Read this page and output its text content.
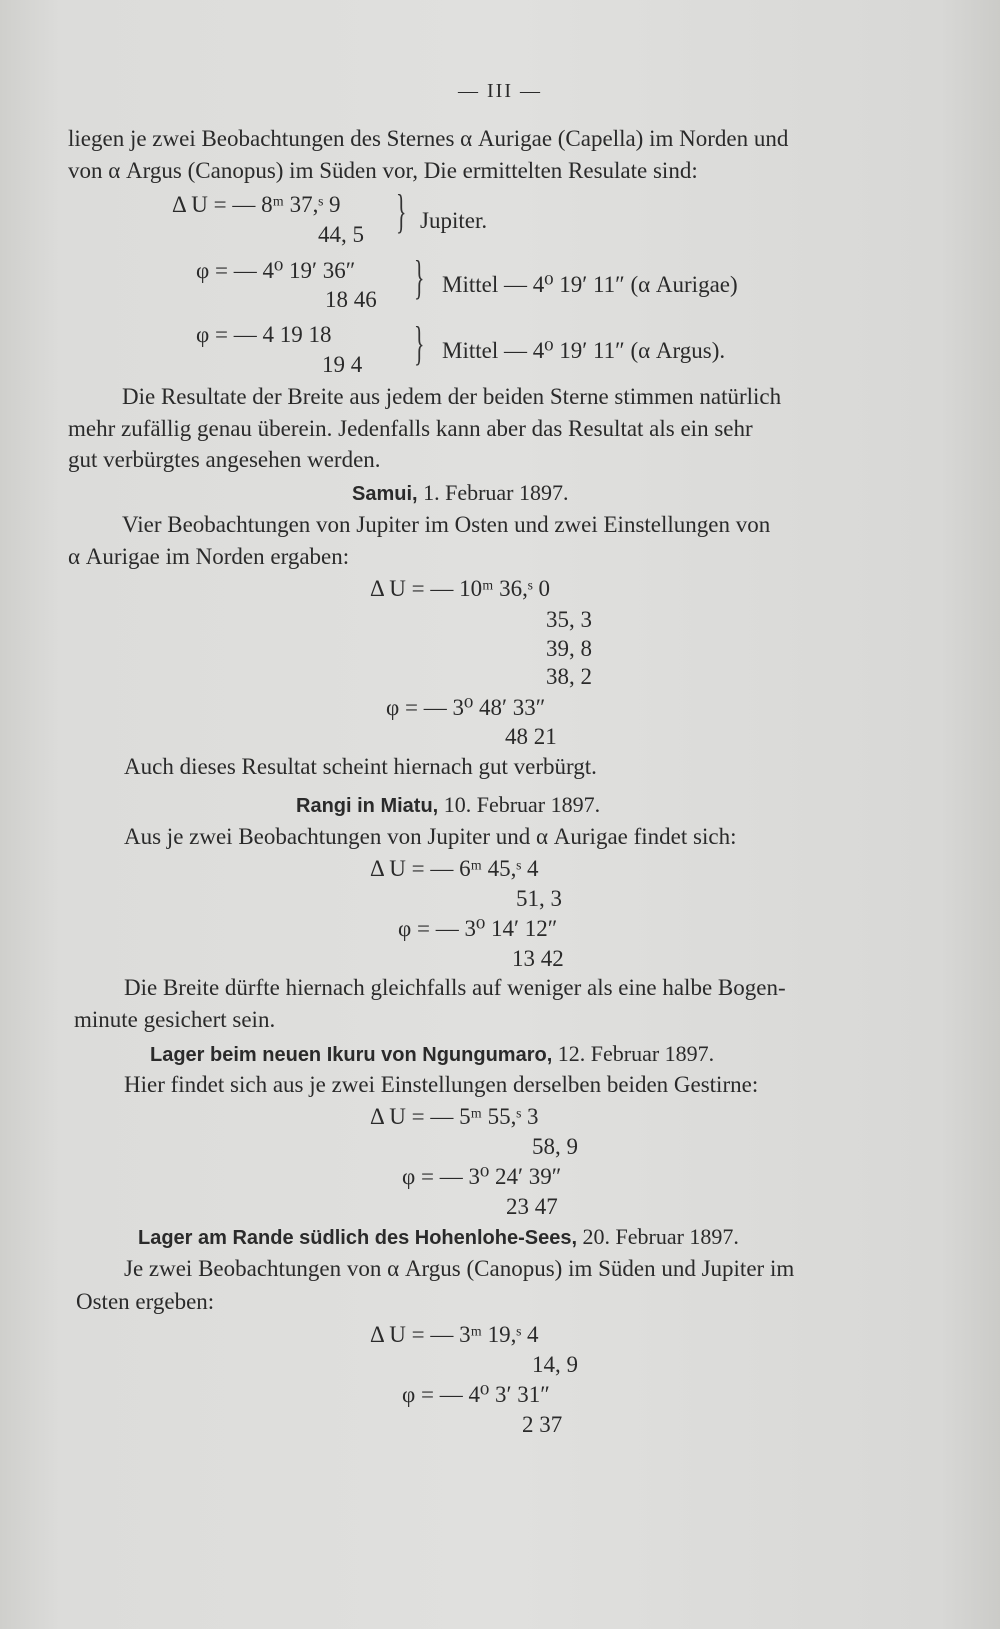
— III —
liegen je zwei Beobachtungen des Sternes α Aurigae (Capella) im Norden und
von α Argus (Canopus) im Süden vor, Die ermittelten Resulate sind:
Δ U = — 8ᵐ 37,ˢ 9
44, 5 } Jupiter.
φ = — 4⁰ 19′ 36″
18 46 } Mittel — 4⁰ 19′ 11″ (α Aurigae)
φ = — 4 19 18
19 4 } Mittel — 4⁰ 19′ 11″ (α Argus).
Die Resultate der Breite aus jedem der beiden Sterne stimmen natürlich
mehr zufällig genau überein. Jedenfalls kann aber das Resultat als ein sehr
gut verbürgtes angesehen werden.
Samui, 1. Februar 1897.
Vier Beobachtungen von Jupiter im Osten und zwei Einstellungen von
α Aurigae im Norden ergaben:
Δ U = — 10ᵐ 36,ˢ 0
35, 3
39, 8
38, 2
φ = — 3⁰ 48′ 33″
48 21
Auch dieses Resultat scheint hiernach gut verbürgt.
Rangi in Miatu, 10. Februar 1897.
Aus je zwei Beobachtungen von Jupiter und α Aurigae findet sich:
Δ U = — 6ᵐ 45,ˢ 4
51, 3
φ = — 3⁰ 14′ 12″
13 42
Die Breite dürfte hiernach gleichfalls auf weniger als eine halbe Bogen-
minute gesichert sein.
Lager beim neuen Ikuru von Ngungumaro, 12. Februar 1897.
Hier findet sich aus je zwei Einstellungen derselben beiden Gestirne:
Δ U = — 5ᵐ 55,ˢ 3
58, 9
φ = — 3⁰ 24′ 39″
23 47
Lager am Rande südlich des Hohenlohe-Sees, 20. Februar 1897.
Je zwei Beobachtungen von α Argus (Canopus) im Süden und Jupiter im
Osten ergeben:
Δ U = — 3ᵐ 19,ˢ 4
14, 9
φ = — 4⁰ 3′ 31″
2 37
